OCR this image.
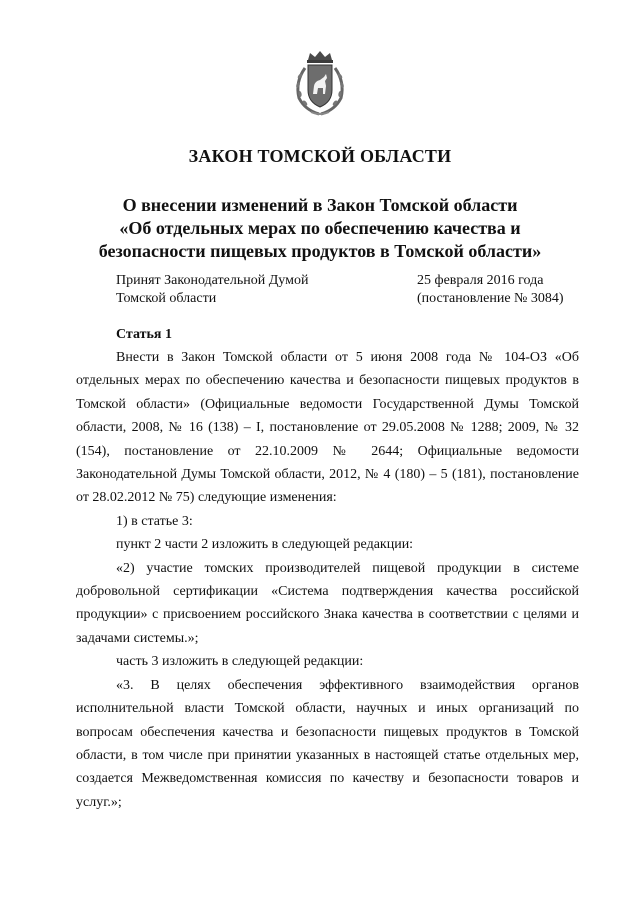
ЗАКОН ТОМСКОЙ ОБЛАСТИ
О внесении изменений в Закон Томской области
«Об отдельных мерах по обеспечению качества и
безопасности пищевых продуктов в Томской области»
Принят Законодательной Думой
Томской области
25 февраля 2016 года
(постановление № 3084)
Статья 1

Внести в Закон Томской области от 5 июня 2008 года № 104-ОЗ «Об отдельных мерах по обеспечению качества и безопасности пищевых продуктов в Томской области» (Официальные ведомости Государственной Думы Томской области, 2008, № 16 (138) – I, постановление от 29.05.2008 № 1288; 2009, № 32 (154), постановление от 22.10.2009 № 2644; Официальные ведомости Законодательной Думы Томской области, 2012, № 4 (180) – 5 (181), постановление от 28.02.2012 № 75) следующие изменения:

1) в статье 3:

пункт 2 части 2 изложить в следующей редакции:

«2) участие томских производителей пищевой продукции в системе добровольной сертификации «Система подтверждения качества российской продукции» с присвоением российского Знака качества в соответствии с целями и задачами системы.»;

часть 3 изложить в следующей редакции:

«3. В целях обеспечения эффективного взаимодействия органов исполнительной власти Томской области, научных и иных организаций по вопросам обеспечения качества и безопасности пищевых продуктов в Томской области, в том числе при принятии указанных в настоящей статье отдельных мер, создается Межведомственная комиссия по качеству и безопасности товаров и услуг.»;
